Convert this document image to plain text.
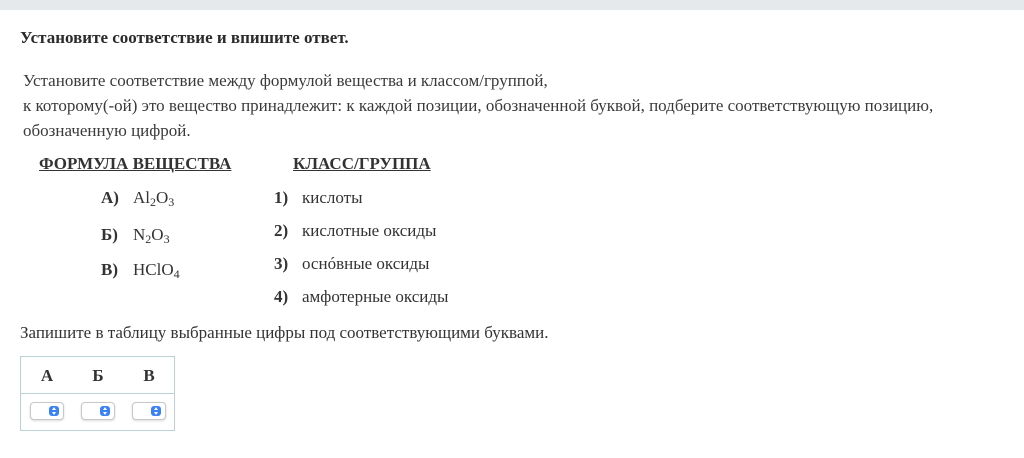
Установите соответствие и впишите ответ.
Установите соответствие между формулой вещества и классом/группой,
к которому(-ой) это вещество принадлежит: к каждой позиции, обозначенной буквой, подберите соответствующую позицию,
обозначенную цифрой.
ФОРМУЛА ВЕЩЕСТВА	КЛАСС/ГРУППА
А) $Al_2O_3$
Б) $N_2O_3$
В) HClO$_4$
1) кислоты
2) кислотные оксиды
3) оснóвные оксиды
4) амфотерные оксиды
Запишите в таблицу выбранные цифры под соответствующими буквами.
А	Б	В
